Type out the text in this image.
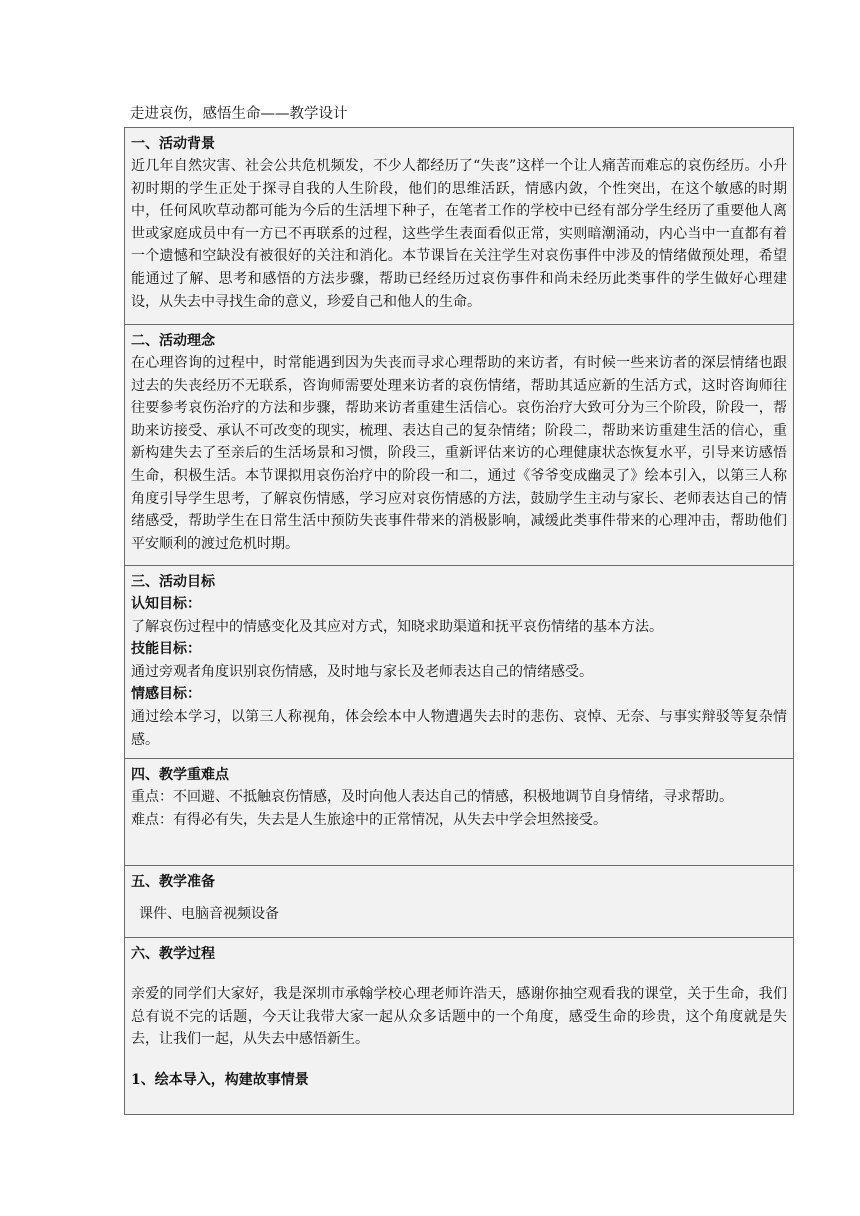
走进哀伤，感悟生命——教学设计
一、活动背景

近几年自然灾害、社会公共危机频发，不少人都经历了“失丧”这样一个让人痛苦而难忘的哀伤经历。小升初时期的学生正处于探寻自我的人生阶段，他们的思维活跃，情感内敛，个性突出，在这个敏感的时期中，任何风吹草动都可能为今后的生活埋下种子，在笔者工作的学校中已经有部分学生经历了重要他人离世或家庭成员中有一方已不再联系的过程，这些学生表面看似正常，实则暗潮涌动，内心当中一直都有着一个遗憾和空缺没有被很好的关注和消化。本节课旨在关注学生对哀伤事件中涉及的情绪做预处理，希望能通过了解、思考和感悟的方法步骤，帮助已经经历过哀伤事件和尚未经历此类事件的学生做好心理建设，从失去中寻找生命的意义，珍爱自己和他人的生命。

二、活动理念

在心理咨询的过程中，时常能遇到因为失丧而寻求心理帮助的来访者，有时候一些来访者的深层情绪也跟过去的失丧经历不无联系，咨询师需要处理来访者的哀伤情绪，帮助其适应新的生活方式，这时咨询师往往要参考哀伤治疗的方法和步骤，帮助来访者重建生活信心。哀伤治疗大致可分为三个阶段，阶段一，帮助来访接受、承认不可改变的现实，梳理、表达自己的复杂情绪；阶段二，帮助来访重建生活的信心，重新构建失去了至亲后的生活场景和习惯，阶段三，重新评估来访的心理健康状态恢复水平，引导来访感悟生命，积极生活。本节课拟用哀伤治疗中的阶段一和二，通过《爷爷变成幽灵了》绘本引入，以第三人称角度引导学生思考，了解哀伤情感，学习应对哀伤情感的方法，鼓励学生主动与家长、老师表达自己的情绪感受，帮助学生在日常生活中预防失丧事件带来的消极影响，减缓此类事件带来的心理冲击，帮助他们平安顺利的渡过危机时期。

三、活动目标
认知目标：

了解哀伤过程中的情感变化及其应对方式，知晓求助渠道和抚平哀伤情绪的基本方法。

技能目标：

通过旁观者角度识别哀伤情感，及时地与家长及老师表达自己的情绪感受。

情感目标：

通过绘本学习，以第三人称视角，体会绘本中人物遭遇失去时的悲伤、哀悼、无奈、与事实辩驳等复杂情感。

四、教学重难点

重点：不回避、不抵触哀伤情感，及时向他人表达自己的情感，积极地调节自身情绪，寻求帮助。

难点：有得必有失，失去是人生旅途中的正常情况，从失去中学会坦然接受。

五、教学准备

课件、电脑音视频设备

六、教学过程

亲爱的同学们大家好，我是深圳市承翰学校心理老师许浩天，感谢你抽空观看我的课堂，关于生命，我们总有说不完的话题，今天让我带大家一起从众多话题中的一个角度，感受生命的珍贵，这个角度就是失去，让我们一起，从失去中感悟新生。

1、绘本导入，构建故事情景
